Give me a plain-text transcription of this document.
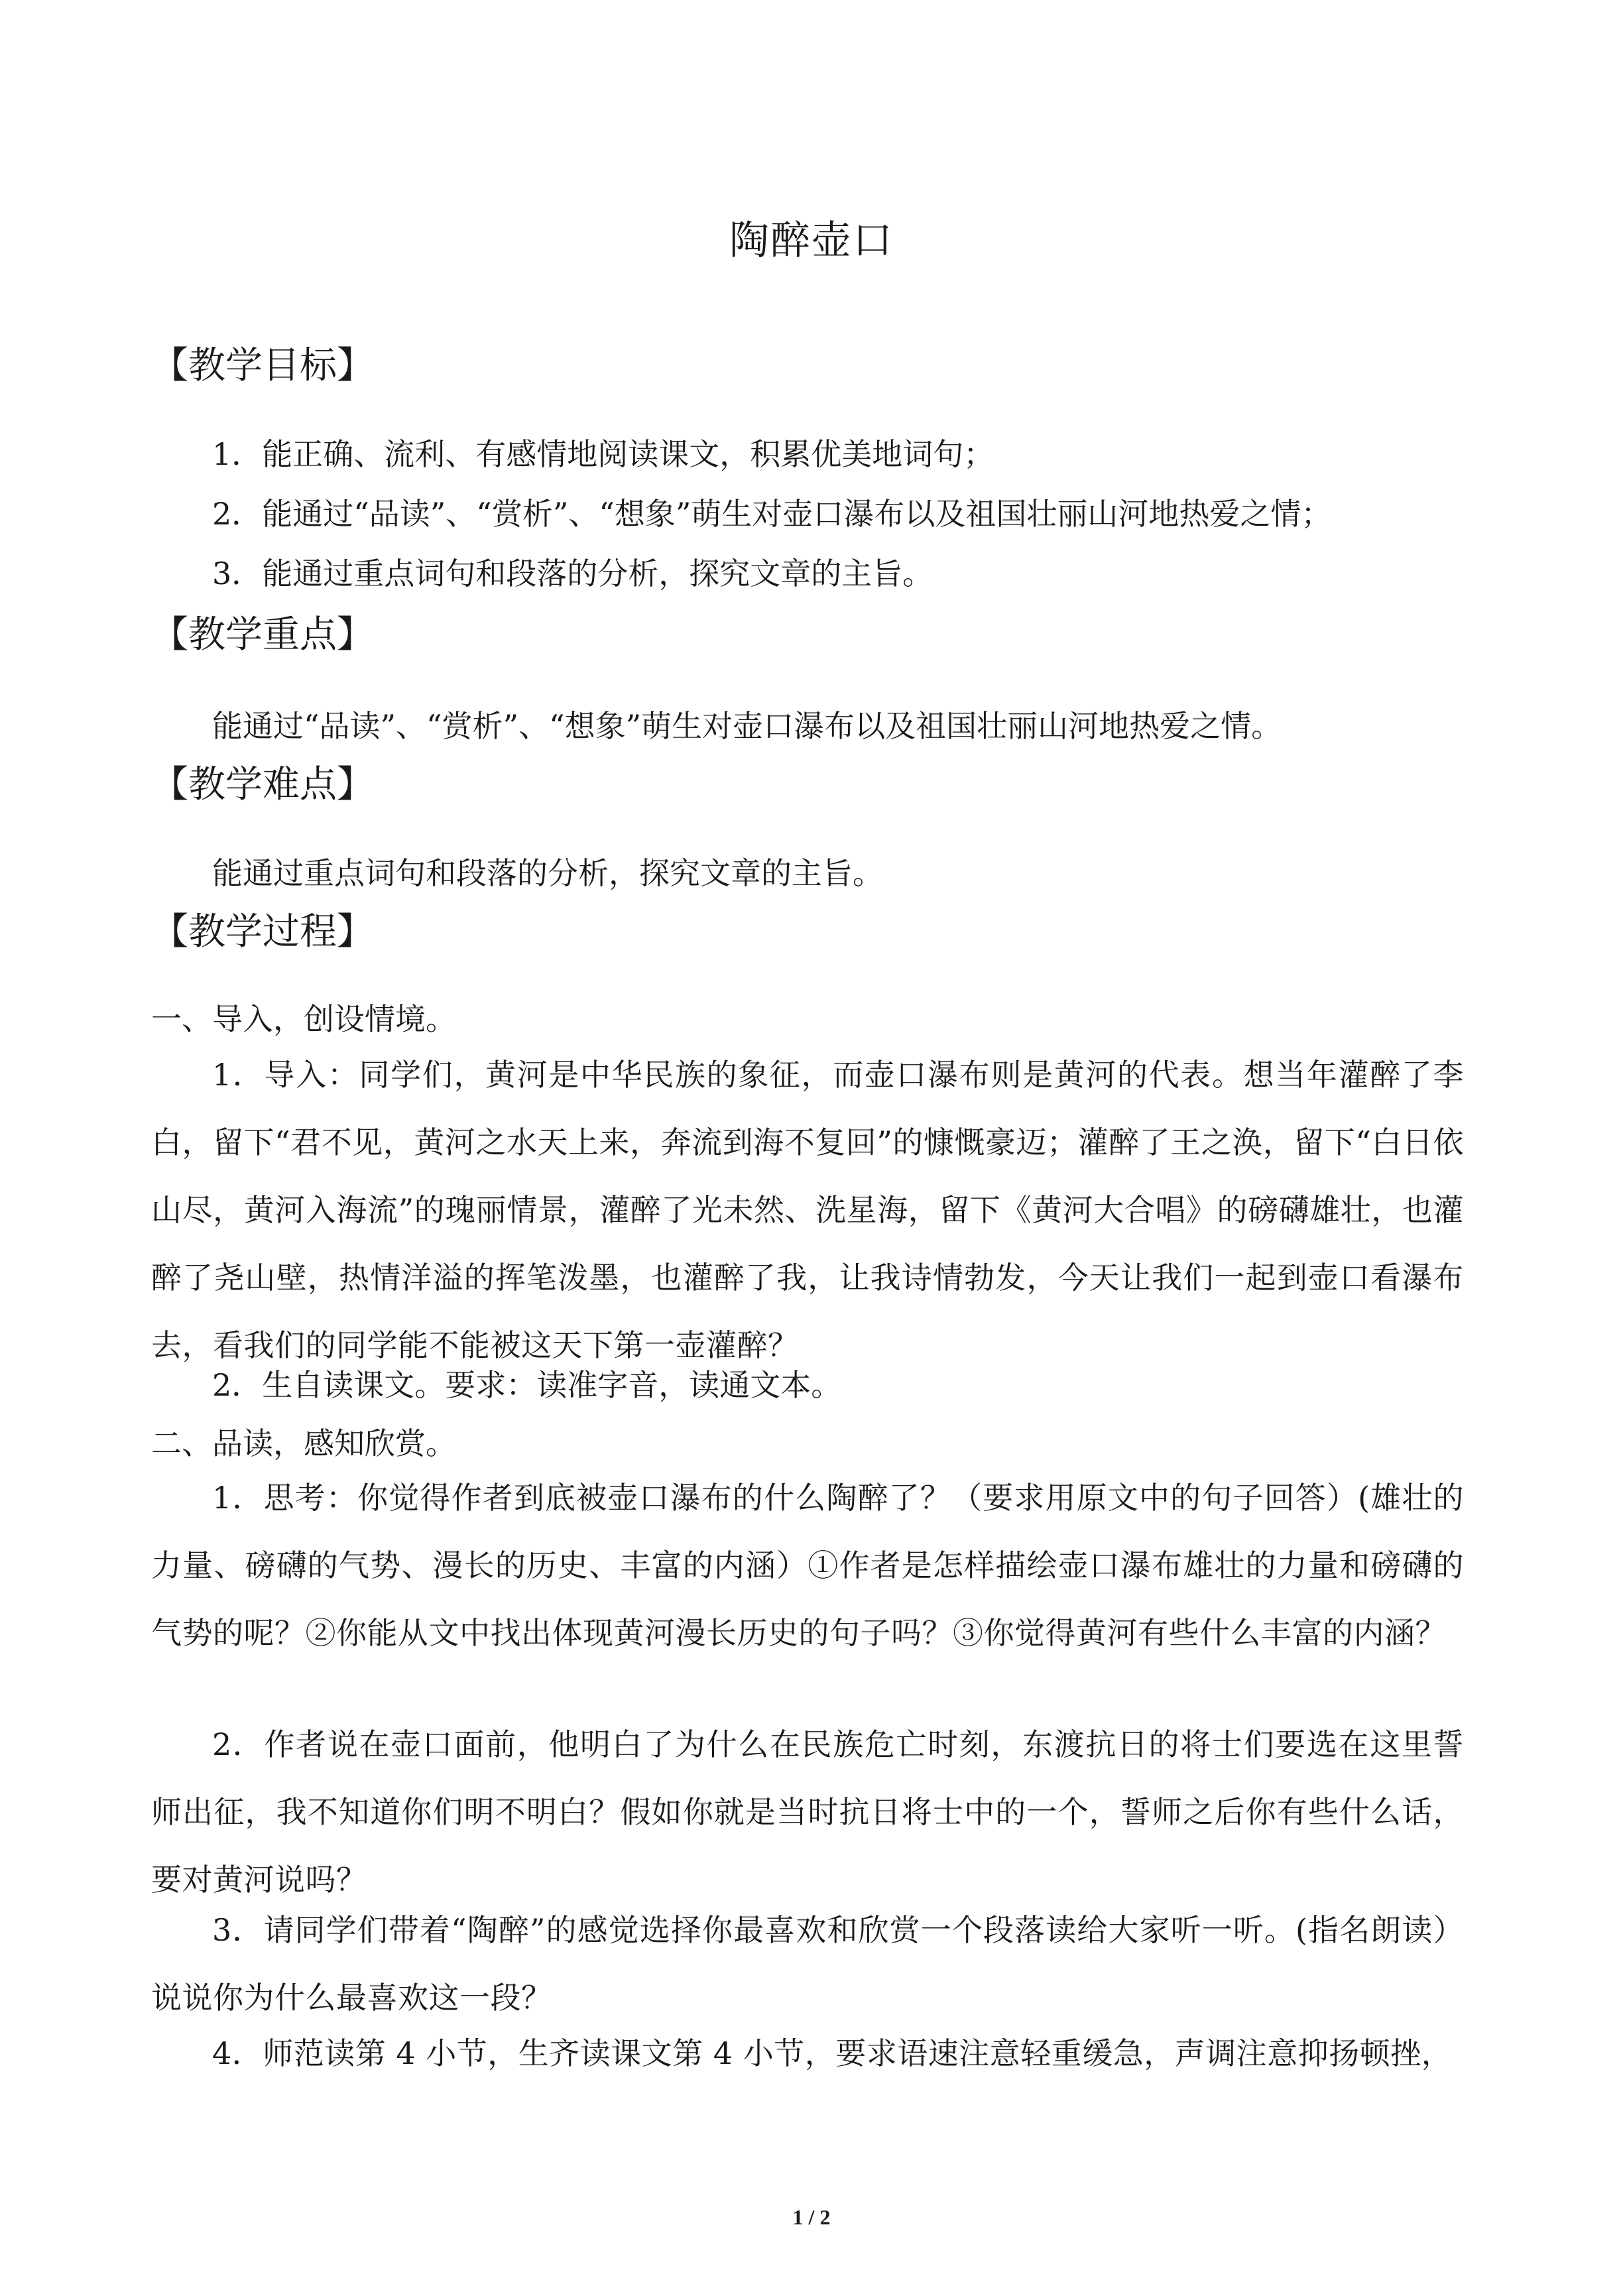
陶醉壶口
【教学目标】
1．能正确、流利、有感情地阅读课文，积累优美地词句；
2．能通过“品读”、“赏析”、“想象”萌生对壶口瀑布以及祖国壮丽山河地热爱之情；
3．能通过重点词句和段落的分析，探究文章的主旨。
【教学重点】
能通过“品读”、“赏析”、“想象”萌生对壶口瀑布以及祖国壮丽山河地热爱之情。
【教学难点】
能通过重点词句和段落的分析，探究文章的主旨。
【教学过程】
一、导入，创设情境。
1．导入：同学们，黄河是中华民族的象征，而壶口瀑布则是黄河的代表。想当年灌醉了李白，留下“君不见，黄河之水天上来，奔流到海不复回”的慷慨豪迈；灌醉了王之涣，留下“白日依山尽，黄河入海流”的瑰丽情景，灌醉了光未然、洗星海，留下《黄河大合唱》的磅礴雄壮，也灌醉了尧山壁，热情洋溢的挥笔泼墨，也灌醉了我，让我诗情勃发，今天让我们一起到壶口看瀑布去，看我们的同学能不能被这天下第一壶灌醉？
2．生自读课文。要求：读准字音，读通文本。
二、品读，感知欣赏。
1．思考：你觉得作者到底被壶口瀑布的什么陶醉了？（要求用原文中的句子回答）(雄壮的力量、磅礴的气势、漫长的历史、丰富的内涵）①作者是怎样描绘壶口瀑布雄壮的力量和磅礴的气势的呢？②你能从文中找出体现黄河漫长历史的句子吗？③你觉得黄河有些什么丰富的内涵？
2．作者说在壶口面前，他明白了为什么在民族危亡时刻，东渡抗日的将士们要选在这里誓师出征，我不知道你们明不明白？假如你就是当时抗日将士中的一个，誓师之后你有些什么话，要对黄河说吗？
3．请同学们带着“陶醉”的感觉选择你最喜欢和欣赏一个段落读给大家听一听。(指名朗读）说说你为什么最喜欢这一段？
4．师范读第 4 小节，生齐读课文第 4 小节，要求语速注意轻重缓急，声调注意抑扬顿挫，
1 / 2
